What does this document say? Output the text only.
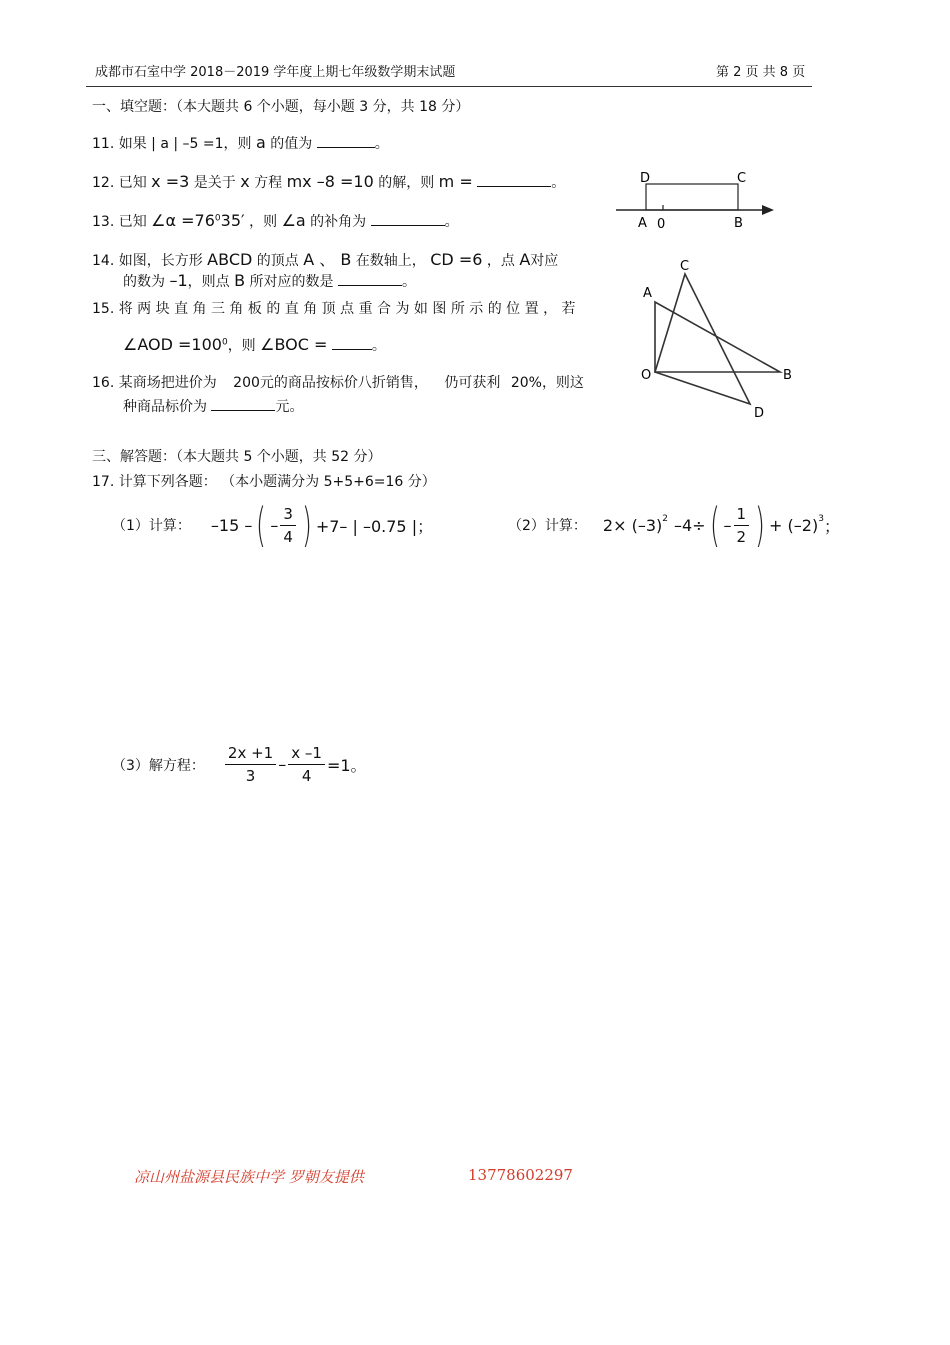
成都市石室中学 2018－2019 学年度上期七年级数学期末试题	第 2 页 共 8 页
一、填空题：（本大题共 6 个小题，每小题 3 分，共 18 分）
11. 如果 | a | –5 =1，则 a 的值为	。
12. 已知 x =3 是关于 x 方程 mx –8 =10 的解，则 m =	。
13. 已知 ∠α $=76^035'$ ，则 ∠a 的补角为	。
14. 如图，长方形 ABCD 的顶点 A 、 B 在数轴上， CD =6 ，点 A对应
的数为 –1，则点 B 所对应的数是	。
15. 将 两 块 直 角 三 角 板 的 直 角 顶 点 重 合 为 如 图 所 示 的 位 置 ， 若
∠AOD $=100^0$，则 ∠BOC =	。
16. 某商场把进价为 200元的商品按标价八折销售， 仍可获利 20%，则这
种商品标价为	元。
D	C
A 0	B
C
A
O	B
D
三、解答题：（本大题共 5 个小题，共 52 分）
17. 计算下列各题： （本小题满分为 5+5+6=16 分）
（1）计算： –15 – ( – $\frac{3}{4}$ ) +7– | –0.75 |；	（2）计算： $2\times (-3)^2$ –4÷ ( – $\frac{1}{2}$ ) + $(-2)^3$ ；
（3）解方程： $\frac{2x +1}{3} - \frac{x -1}{4} =1$。
凉山州盐源县民族中学 罗朝友提供	13778602297
